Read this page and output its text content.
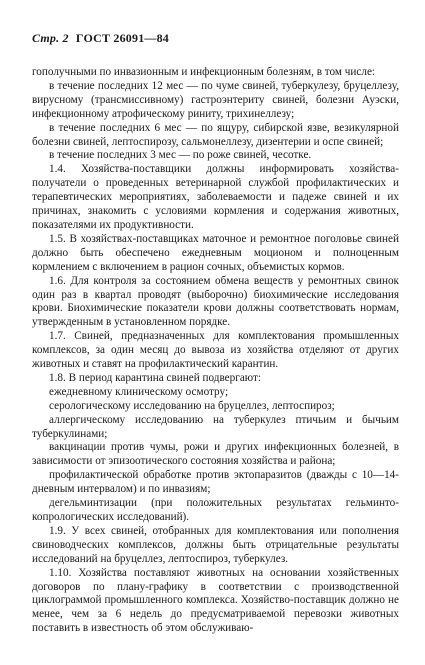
Стр. 2 ГОСТ 26091—84

гополучными по инвазионным и инфекционным болезням, в том числе:

в течение последних 12 мес — по чуме свиней, туберкулезу, бруцеллезу, вирусному (трансмиссивному) гастроэнтериту свиней, болезни Ауэски, инфекционному атрофическому риниту, трихинеллезу;

в течение последних 6 мес — по ящуру, сибирской язве, везикулярной болезни свиней, лептоспирозу, сальмонеллезу, дизентерии и оспе свиней;

в течение последних 3 мес — по роже свиней, чесотке.

1.4. Хозяйства-поставщики должны информировать хозяйства-получатели о проведенных ветеринарной службой профилактических и терапевтических мероприятиях, заболеваемости и падеже свиней и их причинах, знакомить с условиями кормления и содержания животных, показателями их продуктивности.

1.5. В хозяйствах-поставщиках маточное и ремонтное поголовье свиней должно быть обеспечено ежедневным моционом и полноценным кормлением с включением в рацион сочных, объемистых кормов.

1.6. Для контроля за состоянием обмена веществ у ремонтных свинок один раз в квартал проводят (выборочно) биохимические исследования крови. Биохимические показатели крови должны соответствовать нормам, утвержденным в установленном порядке.

1.7. Свиней, предназначенных для комплектования промышленных комплексов, за один месяц до вывоза из хозяйства отделяют от других животных и ставят на профилактический карантин.

1.8. В период карантина свиней подвергают:

ежедневному клиническому осмотру;

серологическому исследованию на бруцеллез, лептоспироз;

аллергическому исследованию на туберкулез птичьим и бычьим туберкулинами;

вакцинации против чумы, рожи и других инфекционных болезней, в зависимости от эпизоотического состояния хозяйства и района;

профилактической обработке против эктопаразитов (дважды с 10—14-дневным интервалом) и по инвазиям;

дегельминтизации (при положительных результатах гельминто-копрологических исследований).

1.9. У всех свиней, отобранных для комплектования или пополнения свиноводческих комплексов, должны быть отрицательные результаты исследований на бруцеллез, лептоспироз, туберкулез.

1.10. Хозяйства поставляют животных на основании хозяйственных договоров по плану-графику в соответствии с производственной циклограммой промышленного комплекса. Хозяйство-поставщик должно не менее, чем за 6 недель до предусматриваемой перевозки животных поставить в известность об этом обслуживаю-
